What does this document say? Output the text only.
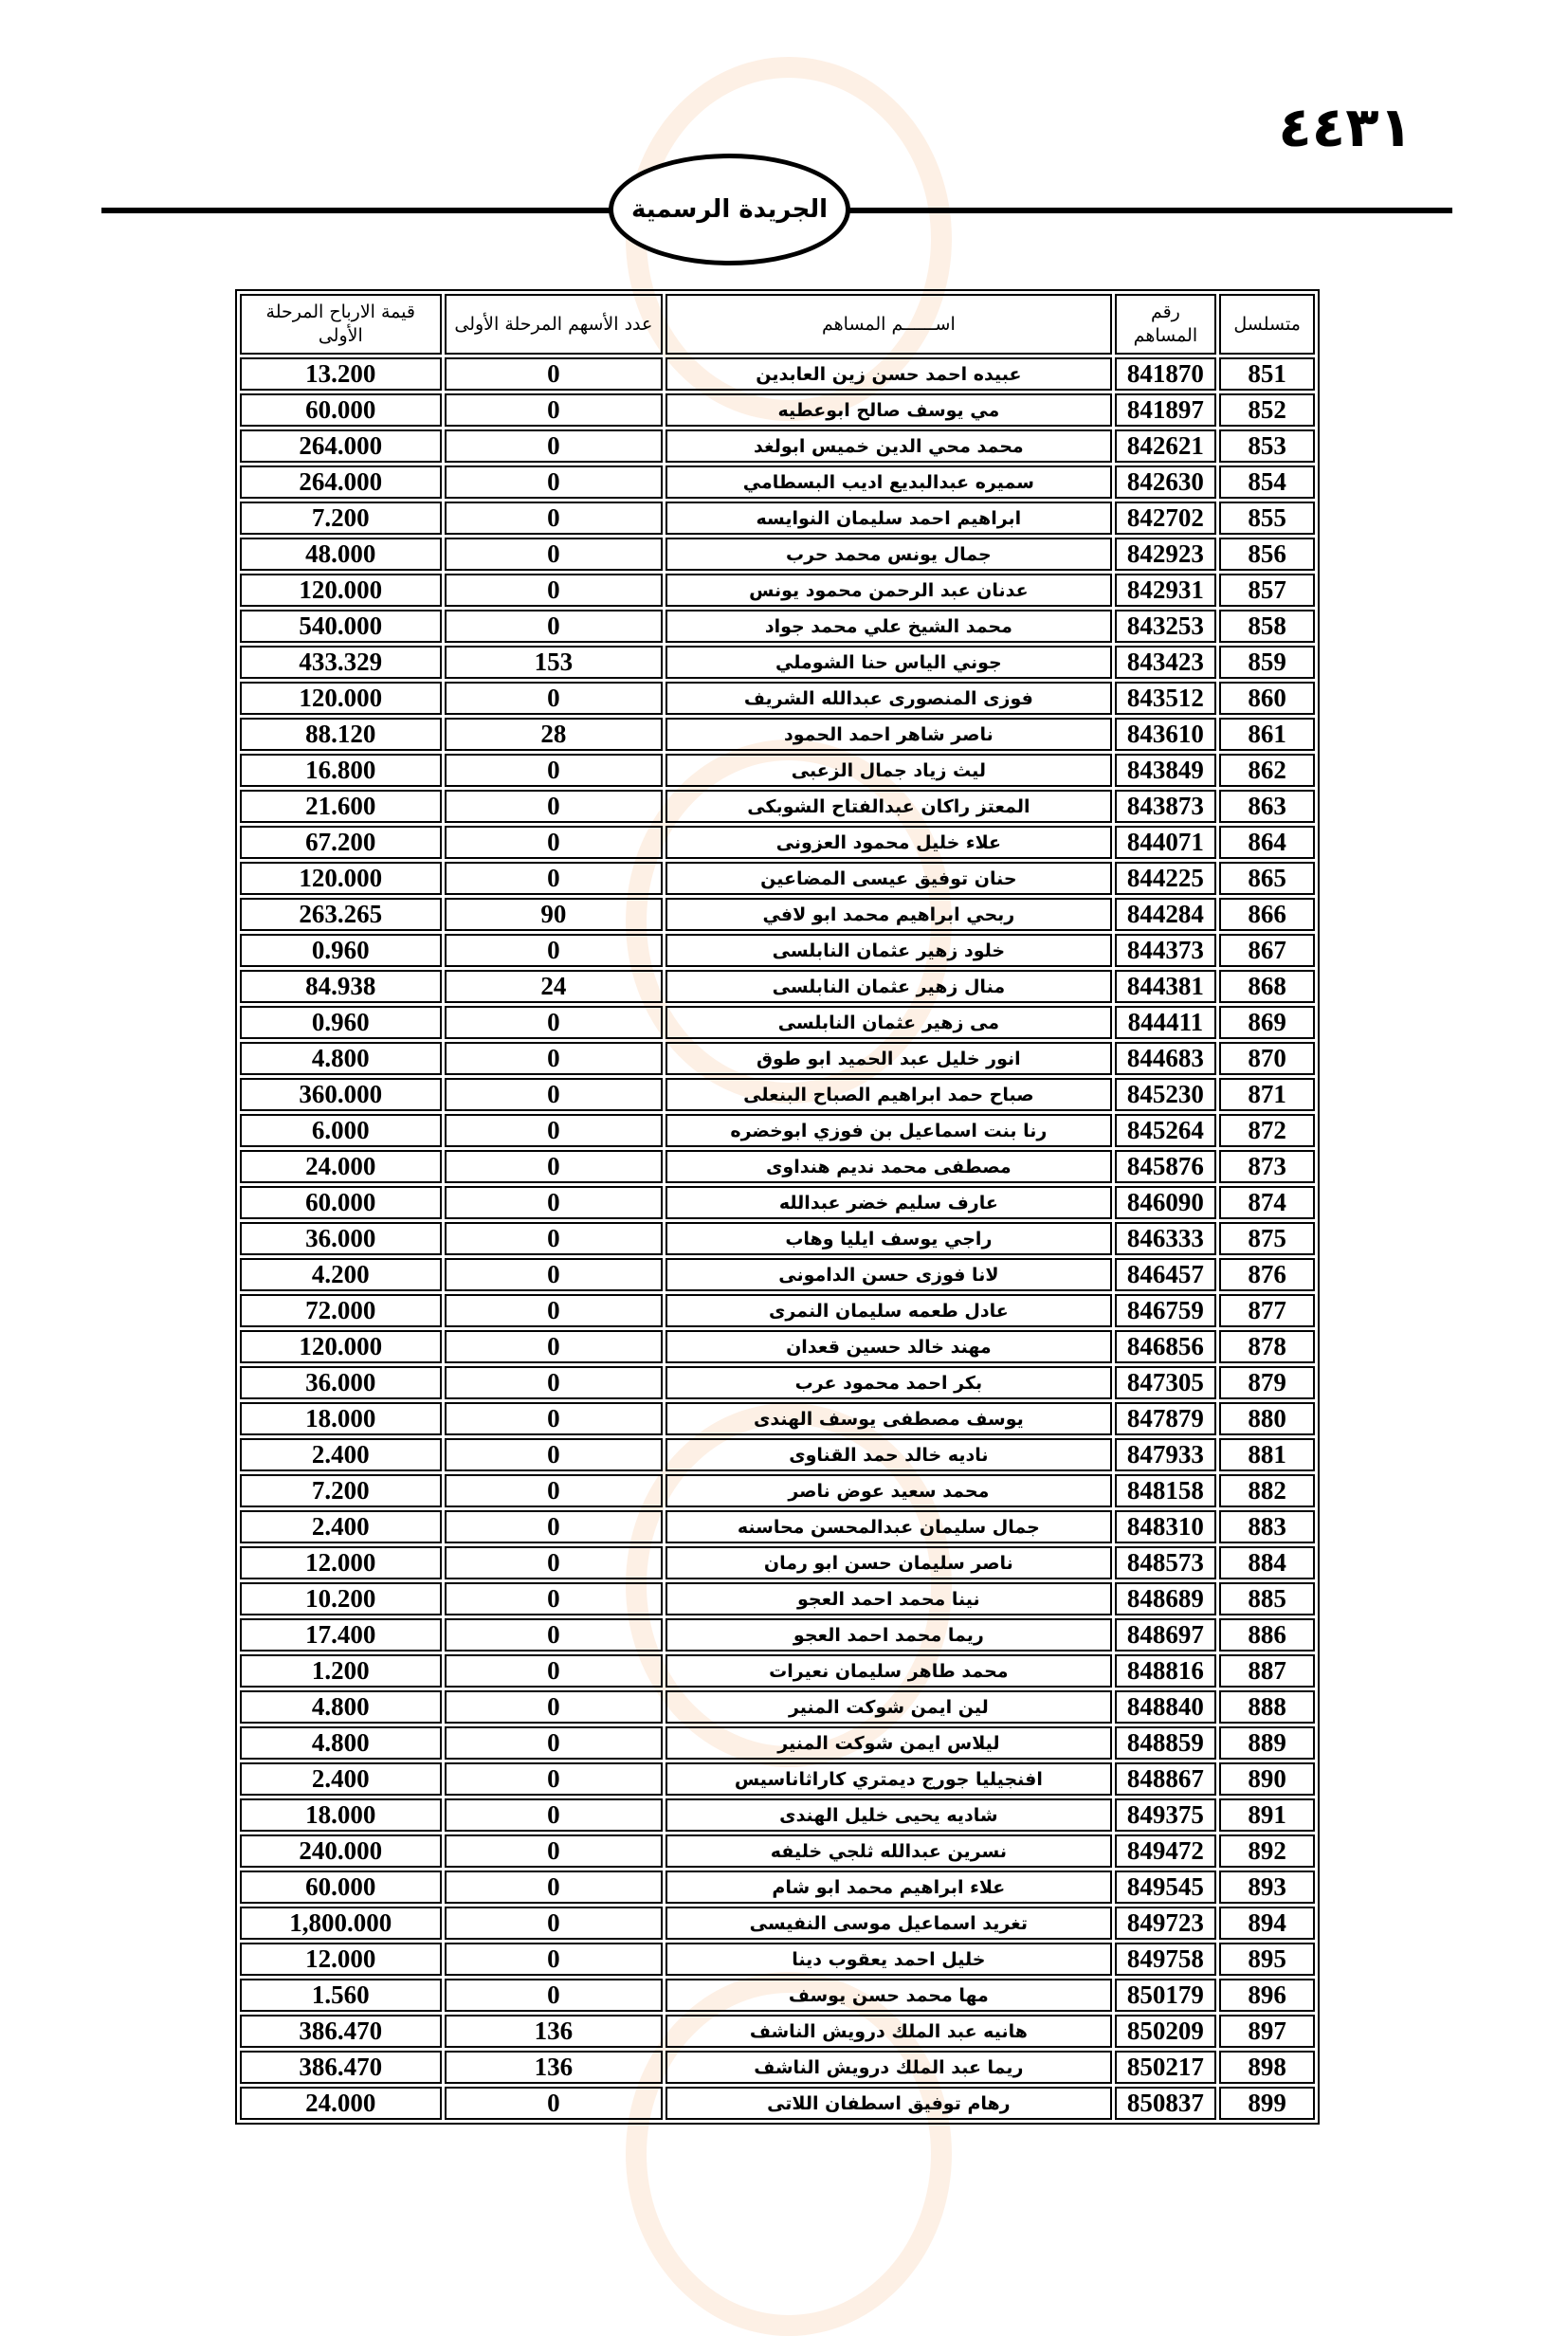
٤٤٣١
الجريدة الرسمية
متسلسل	رقم المساهم	اســــــم المساهم	عدد الأسهم المرحلة الأولى	قيمة الارباح المرحلة الأولى
851	841870	عبيده احمد حسن زين العابدين	0	13.200
852	841897	مي يوسف صالح ابوعطيه	0	60.000
853	842621	محمد محي الدين خميس ابولغد	0	264.000
854	842630	سميره عبدالبديع اديب البسطامي	0	264.000
855	842702	ابراهيم احمد سليمان النوايسه	0	7.200
856	842923	جمال يونس محمد حرب	0	48.000
857	842931	عدنان عبد الرحمن محمود يونس	0	120.000
858	843253	محمد الشيخ علي محمد جواد	0	540.000
859	843423	جوني الياس حنا الشوملي	153	433.329
860	843512	فوزى المنصورى عبدالله الشريف	0	120.000
861	843610	ناصر شاهر احمد الحمود	28	88.120
862	843849	ليث زياد جمال الزعبى	0	16.800
863	843873	المعتز راكان عبدالفتاح الشوبكى	0	21.600
864	844071	علاء خليل محمود العزونى	0	67.200
865	844225	حنان توفيق عيسى المضاعين	0	120.000
866	844284	ربحي ابراهيم محمد ابو لافي	90	263.265
867	844373	خلود زهير عثمان النابلسى	0	0.960
868	844381	منال زهير عثمان النابلسى	24	84.938
869	844411	مى زهير عثمان النابلسى	0	0.960
870	844683	انور خليل عبد الحميد ابو طوق	0	4.800
871	845230	صباح حمد ابراهيم الصباح البنعلى	0	360.000
872	845264	رنا بنت اسماعيل بن فوزي ابوخضره	0	6.000
873	845876	مصطفى محمد نديم هنداوى	0	24.000
874	846090	عارف سليم خضر عبدالله	0	60.000
875	846333	راجي يوسف ايليا وهاب	0	36.000
876	846457	لانا فوزى حسن الدامونى	0	4.200
877	846759	عادل طعمه سليمان النمرى	0	72.000
878	846856	مهند خالد حسين قعدان	0	120.000
879	847305	بكر احمد محمود عرب	0	36.000
880	847879	يوسف مصطفى يوسف الهندى	0	18.000
881	847933	ناديه خالد حمد القناوى	0	2.400
882	848158	محمد سعيد عوض ناصر	0	7.200
883	848310	جمال سليمان عبدالمحسن محاسنه	0	2.400
884	848573	ناصر سليمان حسن ابو رمان	0	12.000
885	848689	نينا محمد احمد العجو	0	10.200
886	848697	ريما محمد احمد العجو	0	17.400
887	848816	محمد طاهر سليمان نعيرات	0	1.200
888	848840	لين ايمن شوكت المنير	0	4.800
889	848859	ليلاس ايمن شوكت المنير	0	4.800
890	848867	افنجيليا جورج ديمتري كاراثاناسيس	0	2.400
891	849375	شاديه يحيى خليل الهندى	0	18.000
892	849472	نسرين عبدالله ثلجي خليفه	0	240.000
893	849545	علاء ابراهيم محمد ابو شام	0	60.000
894	849723	تغريد اسماعيل موسى النفيسى	0	1,800.000
895	849758	خليل احمد يعقوب دينا	0	12.000
896	850179	مها محمد حسن يوسف	0	1.560
897	850209	هانيه عبد الملك درويش الناشف	136	386.470
898	850217	ريما عبد الملك درويش الناشف	136	386.470
899	850837	رهام توفيق اسطفان اللاتى	0	24.000
